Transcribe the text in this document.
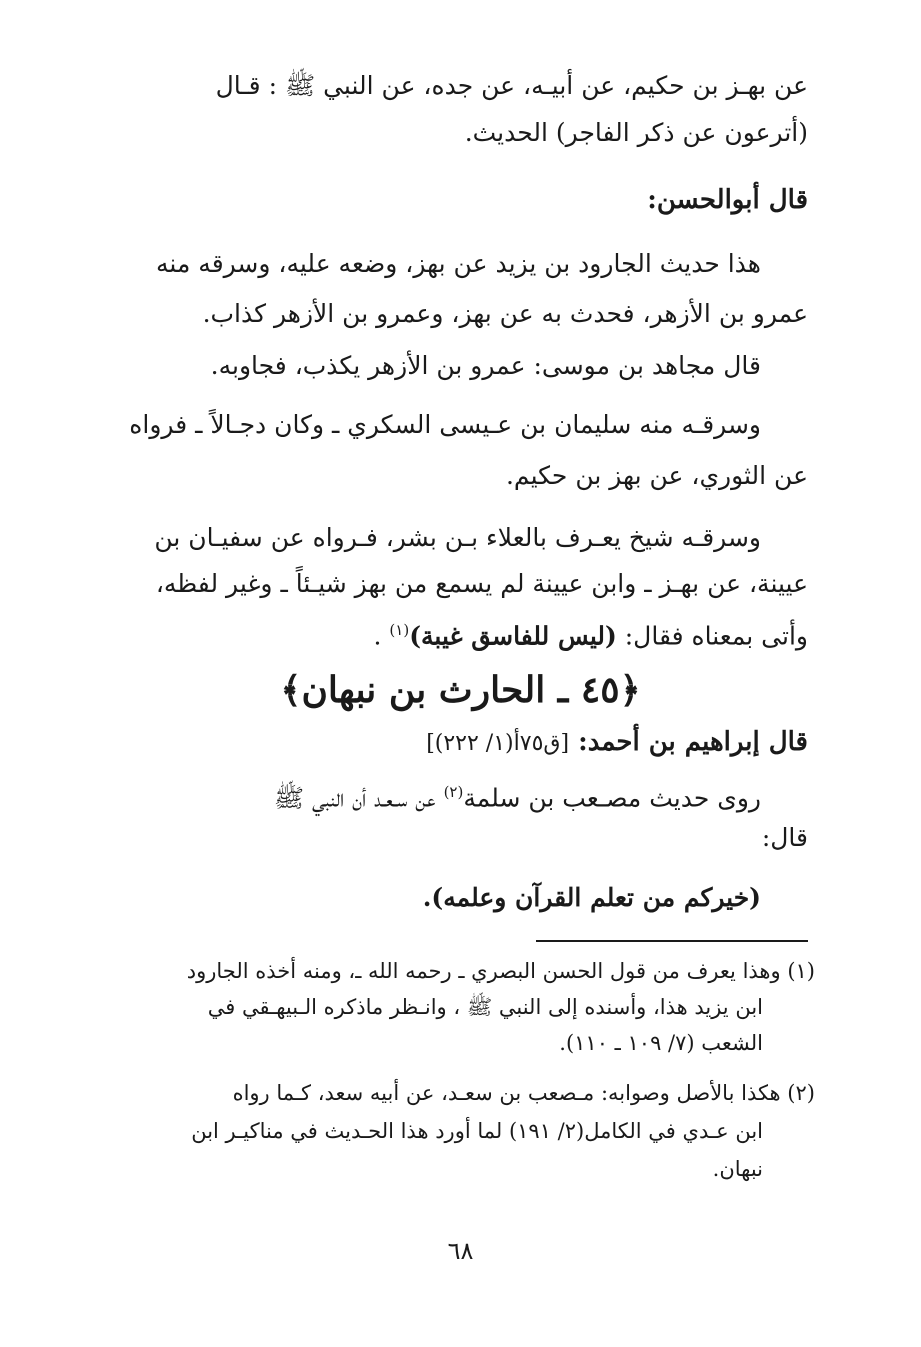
عن بهـز بن حكيم، عن أبيـه، عن جده، عن النبي ﷺ : قـال
(أترعون عن ذكر الفاجر) الحديث.
قال أبوالحسن:
هذا حديث الجارود بن يزيد عن بهز، وضعه عليه، وسرقه منه
عمرو بن الأزهر، فحدث به عن بهز، وعمرو بن الأزهر كذاب.
قال مجاهد بن موسى: عمرو بن الأزهر يكذب، فجاوبه.
وسرقـه منه سليمان بن عـيسى السكري ـ وكان دجـالاً ـ فرواه
عن الثوري، عن بهز بن حكيم.
وسرقـه شيخ يعـرف بالعلاء بـن بشر، فـرواه عن سفيـان بن
عيينة، عن بهـز ـ وابن عيينة لم يسمع من بهز شيـئاً ـ وغير لفظه،
وأتى بمعناه فقال: (ليس للفاسق غيبة)$^{(١)}$ .
﴿٤٥ ـ الحارث بن نبهان﴾
قال إبراهيم بن أحمد: [ق٧٥أ(١/ ٢٢٢)]
روى حديث مصـعب بن سلمة$^{(٢)}$ عن سـعـد أن النبي ﷺ
قال:
(خيركم من تعلم القرآن وعلمه).
(١) وهذا يعرف من قول الحسن البصري ـ رحمه الله ـ، ومنه أخذه الجارود
ابن يزيد هذا، وأسنده إلى النبي ﷺ ، وانـظر ماذكره الـبيهـقي في
الشعب (٧/ ١٠٩ ـ ١١٠).
(٢) هكذا بالأصل وصوابه: مـصعب بن سعـد، عن أبيه سعد، كـما رواه
ابن عـدي في الكامل(٢/ ١٩١) لما أورد هذا الحـديث في مناكيـر ابن
نبهان.
٦٨
